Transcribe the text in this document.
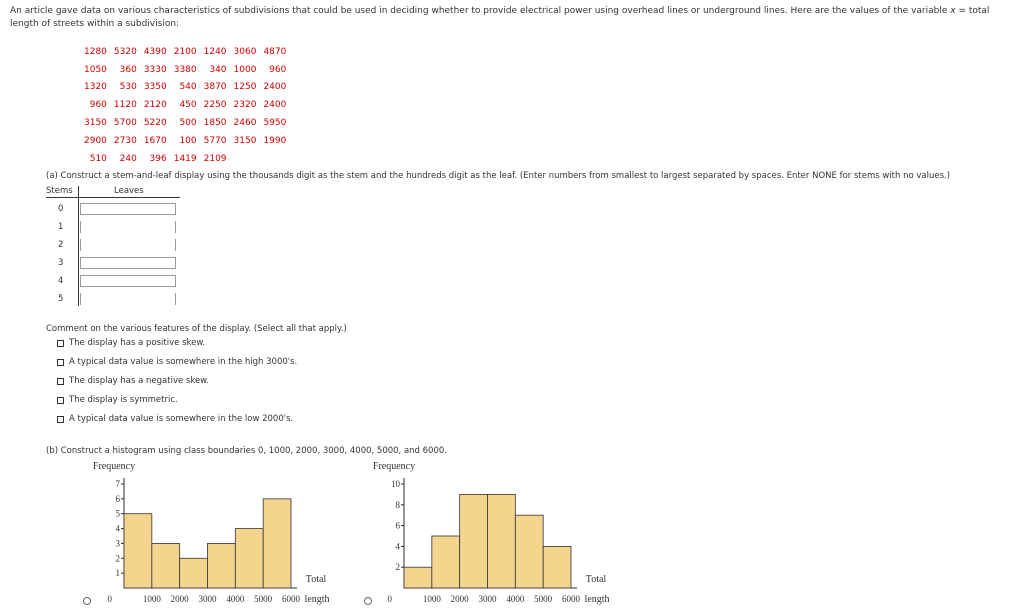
An article gave data on various characteristics of subdivisions that could be used in deciding whether to provide electrical power using overhead lines or underground lines. Here are the values of the variable x = total length of streets within a subdivision:
1280	5320	4390	2100	1240	3060	4870
1050	360	3330	3380	340	1000	960
1320	530	3350	540	3870	1250	2400
960	1120	2120	450	2250	2320	2400
3150	5700	5220	500	1850	2460	5950
2900	2730	1670	100	5770	3150	1990
510	240	396	1419	2109		
(a) Construct a stem-and-leaf display using the thousands digit as the stem and the hundreds digit as the leaf. (Enter numbers from smallest to largest separated by spaces. Enter NONE for stems with no values.)
Stems	Leaves
0
1
2
3
4
5
Comment on the various features of the display. (Select all that apply.)
The display has a positive skew.
A typical data value is somewhere in the high 3000's.
The display has a negative skew.
The display is symmetric.
A typical data value is somewhere in the low 2000's.
(b) Construct a histogram using class boundaries 0, 1000, 2000, 3000, 4000, 5000, and 6000.
Frequency
1
2
3
4
5
6
7
0	1000 2000 3000 4000 5000 6000
Total
length
Frequency
2
4
6
8
10
0	1000 2000 3000 4000 5000 6000
Total
length
